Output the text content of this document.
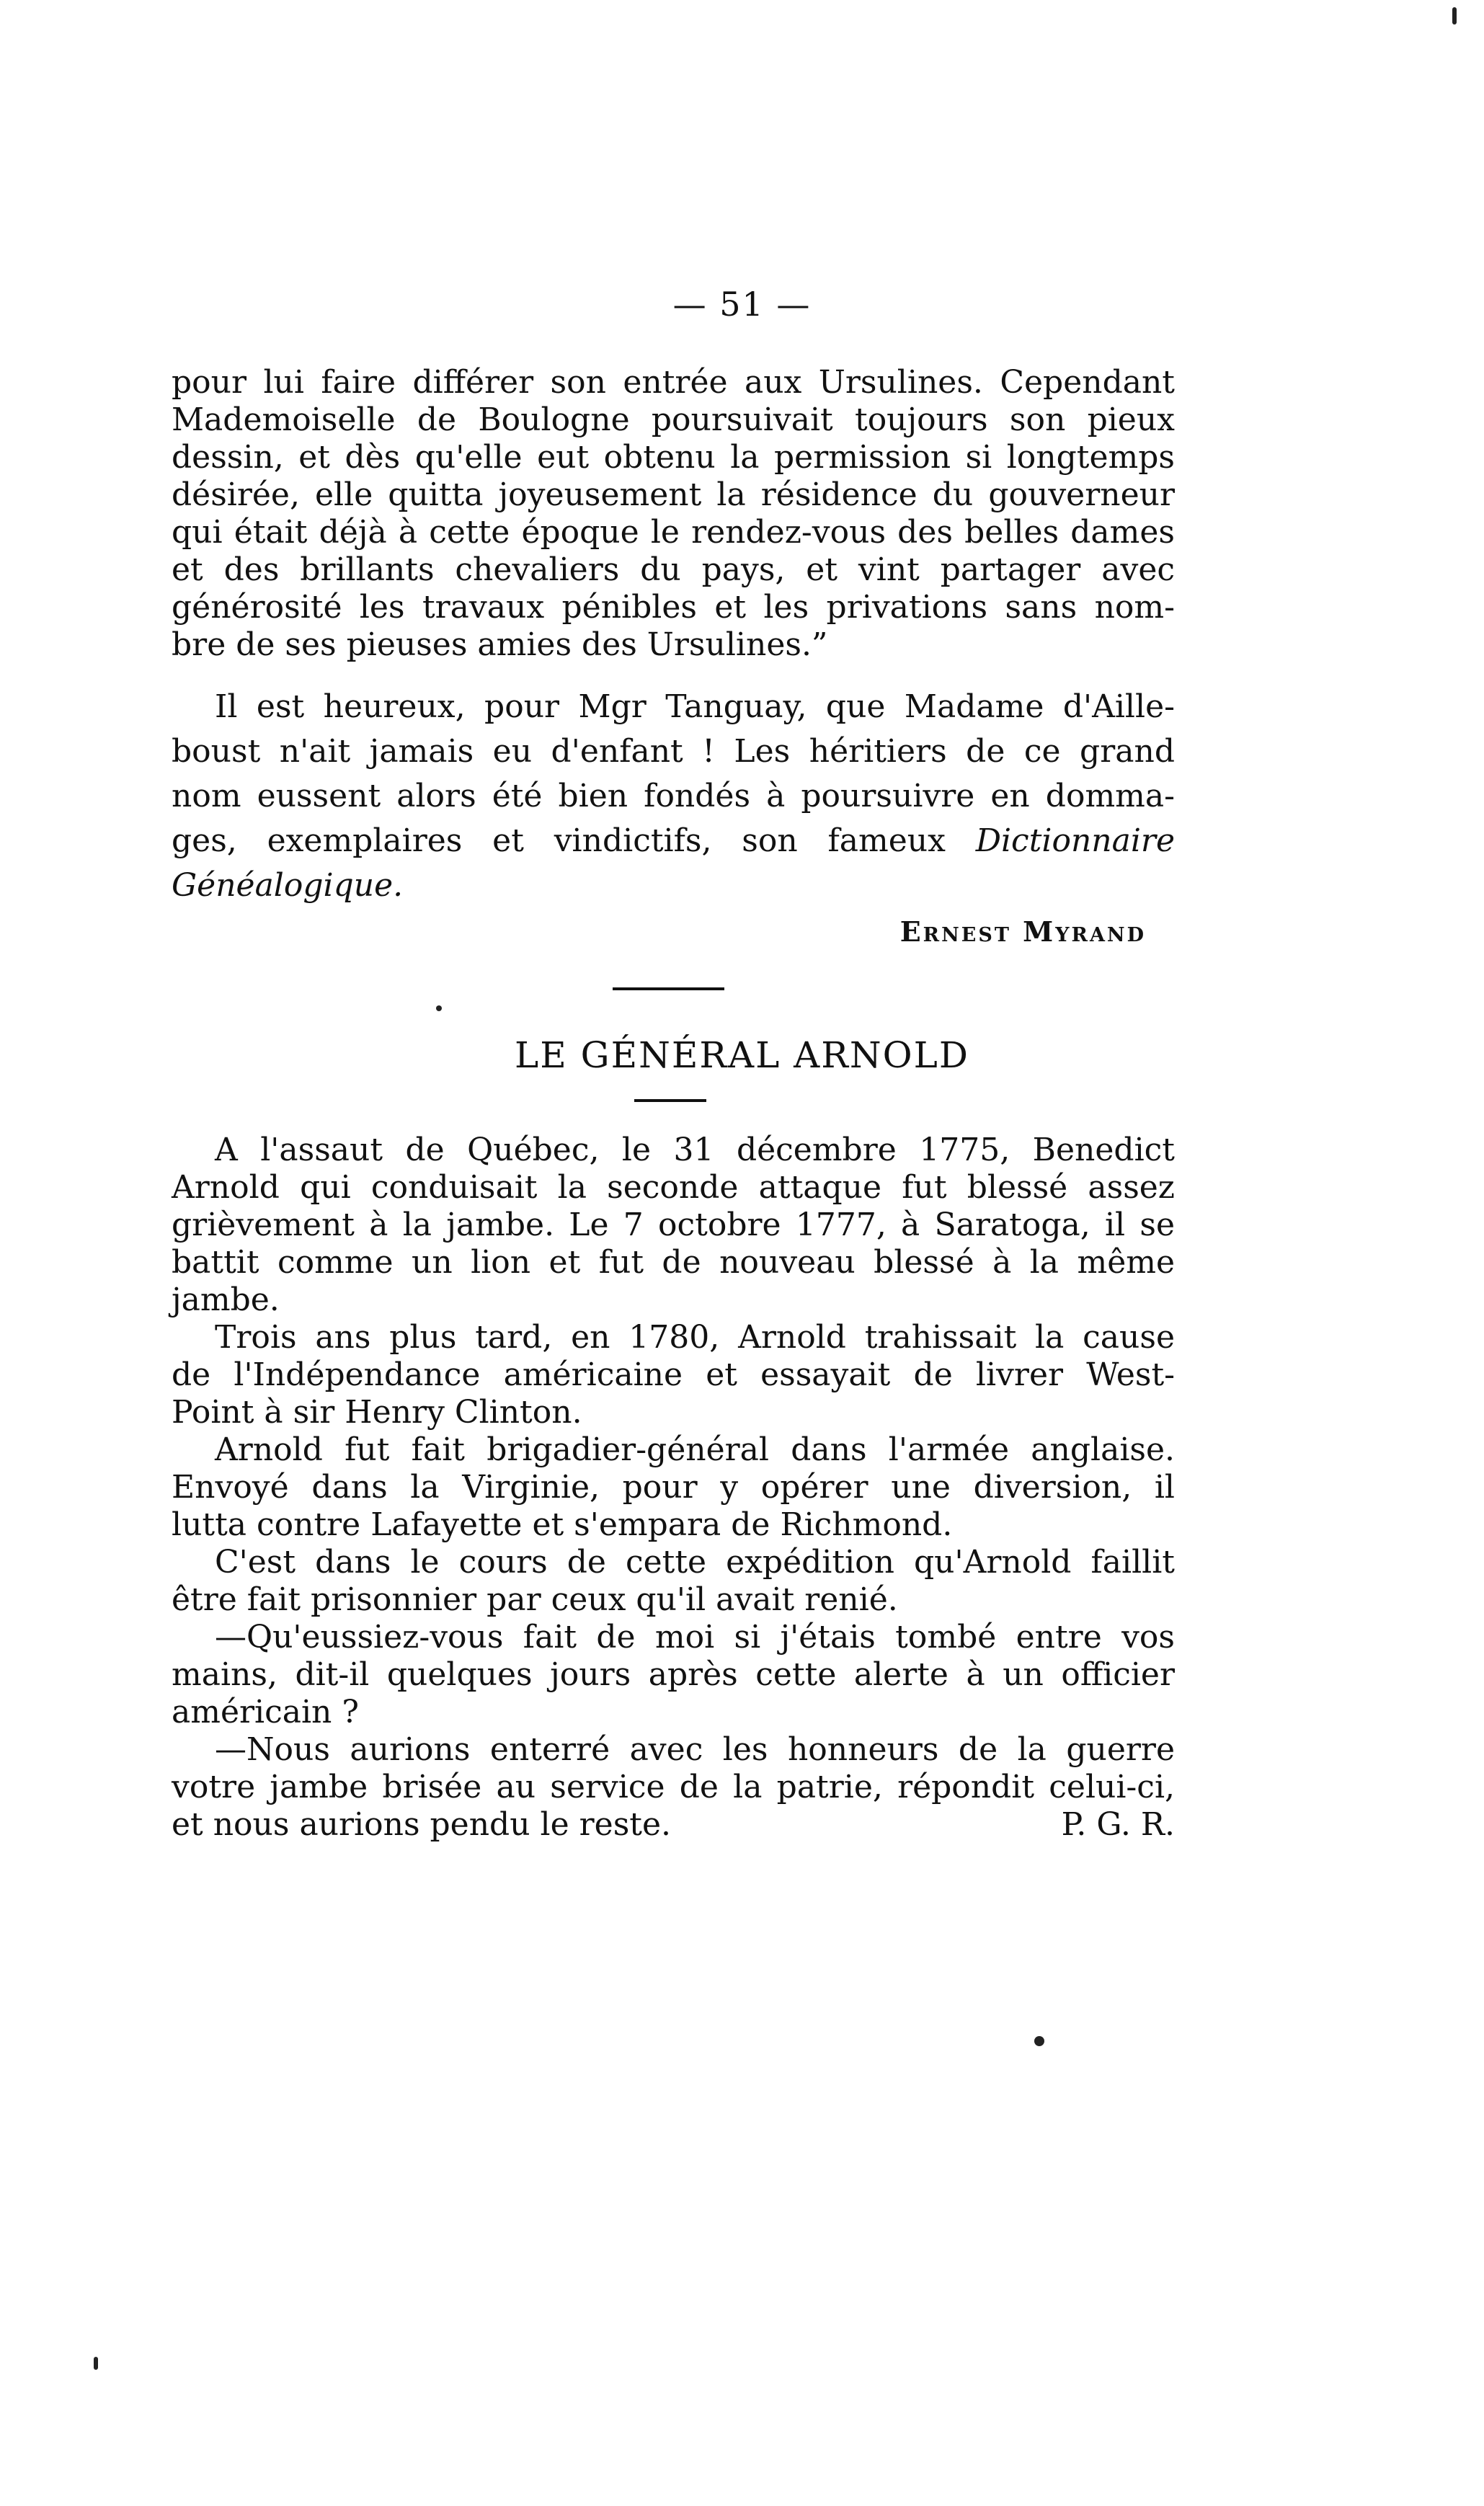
— 51 —
pour lui faire différer son entrée aux Ursulines. Cependant
Mademoiselle de Boulogne poursuivait toujours son pieux
dessin, et dès qu'elle eut obtenu la permission si longtemps
désirée, elle quitta joyeusement la résidence du gouverneur
qui était déjà à cette époque le rendez-vous des belles dames
et des brillants chevaliers du pays, et vint partager avec
générosité les travaux pénibles et les privations sans nom-
bre de ses pieuses amies des Ursulines.”
Il est heureux, pour Mgr Tanguay, que Madame d'Aille-
boust n'ait jamais eu d'enfant ! Les héritiers de ce grand
nom eussent alors été bien fondés à poursuivre en domma-
ges, exemplaires et vindictifs, son fameux Dictionnaire
Généalogique.
Ernest Myrand
LE GÉNÉRAL ARNOLD
A l'assaut de Québec, le 31 décembre 1775, Benedict
Arnold qui conduisait la seconde attaque fut blessé assez
grièvement à la jambe. Le 7 octobre 1777, à Saratoga, il se
battit comme un lion et fut de nouveau blessé à la même
jambe.
Trois ans plus tard, en 1780, Arnold trahissait la cause
de l'Indépendance américaine et essayait de livrer West-
Point à sir Henry Clinton.
Arnold fut fait brigadier-général dans l'armée anglaise.
Envoyé dans la Virginie, pour y opérer une diversion, il
lutta contre Lafayette et s'empara de Richmond.
C'est dans le cours de cette expédition qu'Arnold faillit
être fait prisonnier par ceux qu'il avait renié.
—Qu'eussiez-vous fait de moi si j'étais tombé entre vos
mains, dit-il quelques jours après cette alerte à un officier
américain ?
—Nous aurions enterré avec les honneurs de la guerre
votre jambe brisée au service de la patrie, répondit celui-ci,
et nous aurions pendu le reste.	P. G. R.
